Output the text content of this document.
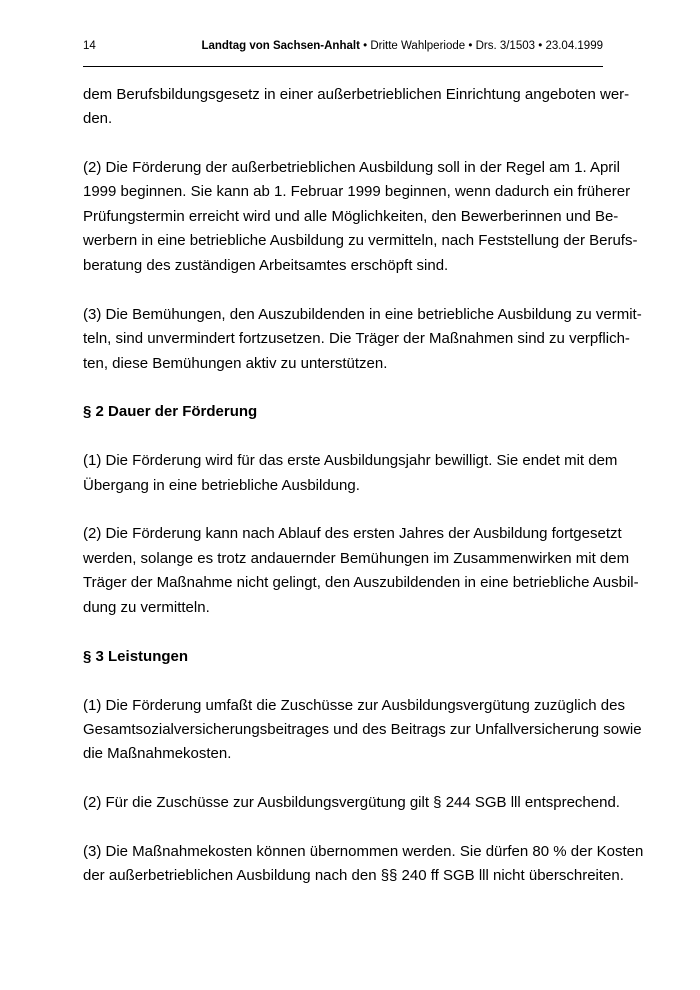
14	Landtag von Sachsen-Anhalt • Dritte Wahlperiode • Drs. 3/1503 • 23.04.1999
dem Berufsbildungsgesetz in einer außerbetrieblichen Einrichtung angeboten wer-
den.
(2) Die Förderung der außerbetrieblichen Ausbildung soll in der Regel am 1. April
1999 beginnen. Sie kann ab 1. Februar 1999 beginnen, wenn dadurch ein früherer
Prüfungstermin erreicht wird und alle Möglichkeiten, den Bewerberinnen und Be-
werbern in eine betriebliche Ausbildung zu vermitteln, nach Feststellung der Berufs-
beratung des zuständigen Arbeitsamtes erschöpft sind.
(3) Die Bemühungen, den Auszubildenden in eine betriebliche Ausbildung zu vermit-
teln, sind unvermindert fortzusetzen. Die Träger der Maßnahmen sind zu verpflich-
ten, diese Bemühungen aktiv zu unterstützen.
§ 2 Dauer der Förderung
(1) Die Förderung wird für das erste Ausbildungsjahr bewilligt. Sie endet mit dem
Übergang in eine betriebliche Ausbildung.
(2) Die Förderung kann nach Ablauf des ersten Jahres der Ausbildung fortgesetzt
werden, solange es trotz andauernder Bemühungen im Zusammenwirken mit dem
Träger der Maßnahme nicht gelingt, den Auszubildenden in eine betriebliche Ausbil-
dung zu vermitteln.
§ 3 Leistungen
(1) Die Förderung umfaßt die Zuschüsse zur Ausbildungsvergütung zuzüglich des
Gesamtsozialversicherungsbeitrages und des Beitrags zur Unfallversicherung sowie
die Maßnahmekosten.
(2) Für die Zuschüsse zur Ausbildungsvergütung gilt § 244 SGB lll entsprechend.
(3) Die Maßnahmekosten können übernommen werden. Sie dürfen 80 % der Kosten
der außerbetrieblichen Ausbildung nach den §§ 240 ff SGB lll nicht überschreiten.
